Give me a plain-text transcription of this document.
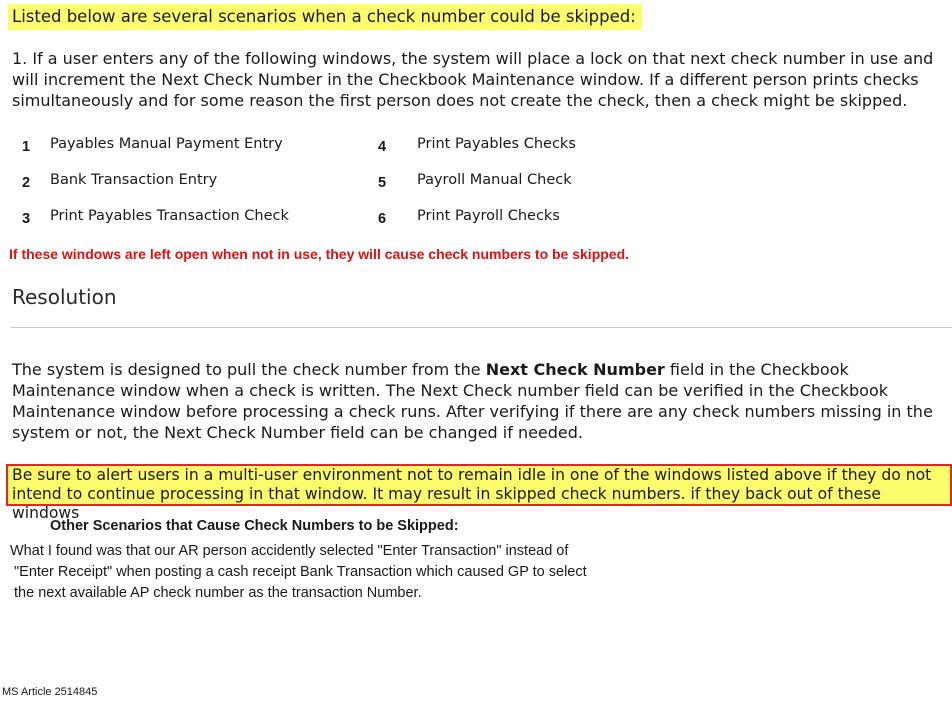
Listed below are several scenarios when a check number could be skipped:
1. If a user enters any of the following windows, the system will place a lock on that next check number in use and will increment the Next Check Number in the Checkbook Maintenance window. If a different person prints checks simultaneously and for some reason the first person does not create the check, then a check might be skipped.
1 Payables Manual Payment Entry
2 Bank Transaction Entry
3 Print Payables Transaction Check
4 Print Payables Checks
5 Payroll Manual Check
6 Print Payroll Checks
If these windows are left open when not in use, they will cause check numbers to be skipped.
Resolution
The system is designed to pull the check number from the Next Check Number field in the Checkbook Maintenance window when a check is written. The Next Check number field can be verified in the Checkbook Maintenance window before processing a check runs. After verifying if there are any check numbers missing in the system or not, the Next Check Number field can be changed if needed.
Be sure to alert users in a multi-user environment not to remain idle in one of the windows listed above if they do not intend to continue processing in that window. It may result in skipped check numbers. if they back out of these windows
Other Scenarios that Cause Check Numbers to be Skipped:
What I found was that our AR person accidently selected "Enter Transaction" instead of
"Enter Receipt" when posting a cash receipt Bank Transaction which caused GP to select
the next available AP check number as the transaction Number.
MS Article 2514845
